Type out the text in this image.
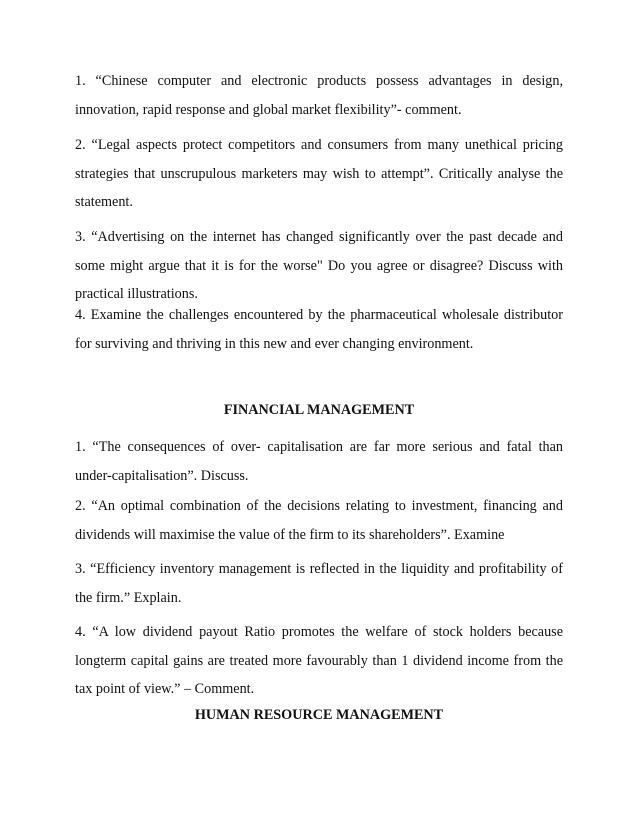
1. “Chinese computer and electronic products possess advantages in design, innovation, rapid response and global market flexibility”- comment.

2. “Legal aspects protect competitors and consumers from many unethical pricing strategies that unscrupulous marketers may wish to attempt”. Critically analyse the statement.

3. “Advertising on the internet has changed significantly over the past decade and some might argue that it is for the worse" Do you agree or disagree? Discuss with practical illustrations.

4. Examine the challenges encountered by the pharmaceutical wholesale distributor for surviving and thriving in this new and ever changing environment.

FINANCIAL MANAGEMENT

1. “The consequences of over- capitalisation are far more serious and fatal than under-capitalisation”. Discuss.

2. “An optimal combination of the decisions relating to investment, financing and dividends will maximise the value of the firm to its shareholders”. Examine

3. “Efficiency inventory management is reflected in the liquidity and profitability of the firm.” Explain.

4. “A low dividend payout Ratio promotes the welfare of stock holders because longterm capital gains are treated more favourably than 1 dividend income from the tax point of view.” – Comment.

HUMAN RESOURCE MANAGEMENT
